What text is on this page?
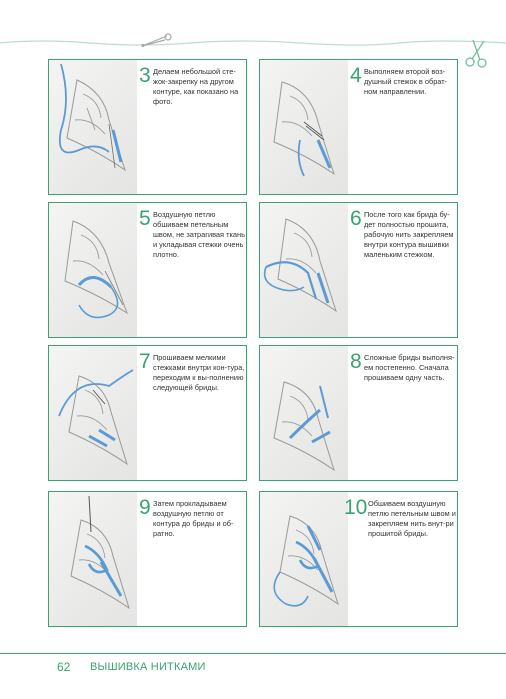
3 Делаем небольшой сте-жок-закрепку на другом контуре, как показано на фото.
4 Выполняем второй воз-душный стежок в обрат-ном направлении.
5 Воздушную петлю обшиваем петельным швом, не затрагивая ткань и укладывая стежки очень плотно.
6 После того как брида бу-дет полностью прошита, рабочую нить закрепляем внутри контура вышивки маленьким стежком.
7 Прошиваем мелкими стежками внутри кон-тура, переходим к вы-полнению следующей бриды.
8 Сложные бриды выполня-ем постепенно. Сначала прошиваем одну часть.
9 Затем прокладываем воздушную петлю от контура до бриды и об-ратно.
10 Обшиваем воздушную петлю петельным швом и закрепляем нить внут-ри прошитой бриды.
62 ВЫШИВКА НИТКАМИ
